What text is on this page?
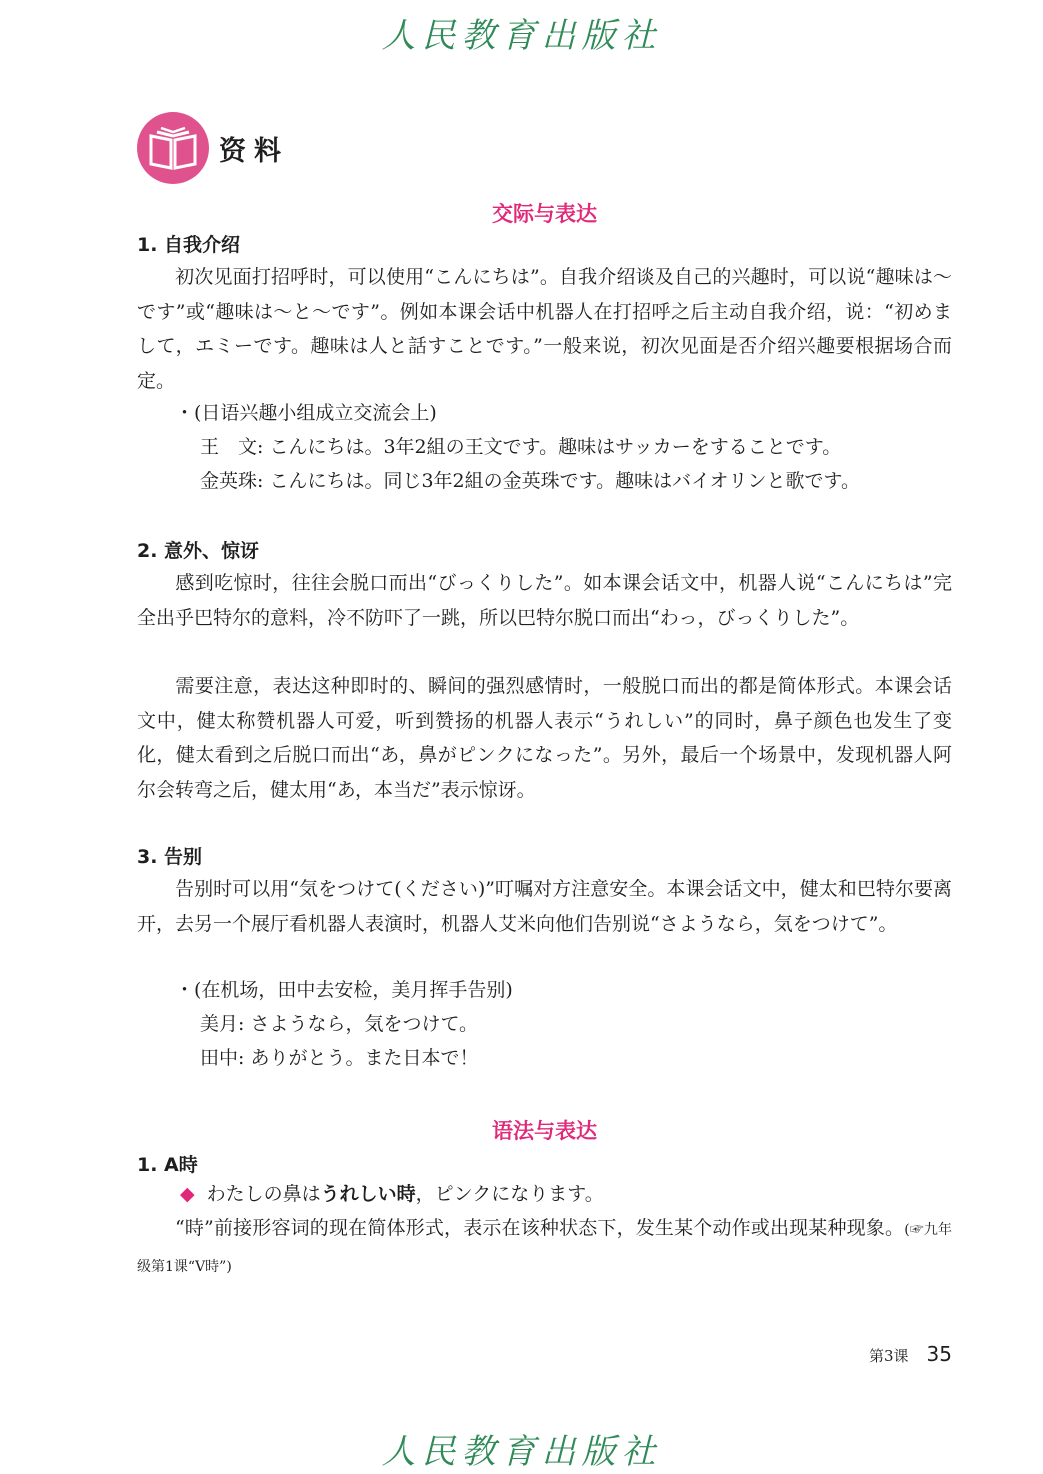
人民教育出版社
资料
交际与表达
1. 自我介绍
初次见面打招呼时，可以使用“こんにちは”。自我介绍谈及自己的兴趣时，可以说“趣味は～です”或“趣味は～と～です”。例如本课会话中机器人在打招呼之后主动自我介绍，说：“初めまして，エミーです。趣味は人と話すことです。”一般来说，初次见面是否介绍兴趣要根据场合而定。
・(日语兴趣小组成立交流会上)
王　文: こんにちは。3年2組の王文です。趣味はサッカーをすることです。
金英珠: こんにちは。同じ3年2組の金英珠です。趣味はバイオリンと歌です。
2. 意外、惊讶
感到吃惊时，往往会脱口而出“びっくりした”。如本课会话文中，机器人说“こんにちは”完全出乎巴特尔的意料，冷不防吓了一跳，所以巴特尔脱口而出“わっ，びっくりした”。
需要注意，表达这种即时的、瞬间的强烈感情时，一般脱口而出的都是简体形式。本课会话文中，健太称赞机器人可爱，听到赞扬的机器人表示“うれしい”的同时，鼻子颜色也发生了变化，健太看到之后脱口而出“あ，鼻がピンクになった”。另外，最后一个场景中，发现机器人阿尔会转弯之后，健太用“あ，本当だ”表示惊讶。
3. 告别
告别时可以用“気をつけて(ください)”叮嘱对方注意安全。本课会话文中，健太和巴特尔要离开，去另一个展厅看机器人表演时，机器人艾米向他们告别说“さようなら，気をつけて”。
・(在机场，田中去安检，美月挥手告别)
美月: さようなら，気をつけて。
田中: ありがとう。また日本で！
语法与表达
1. A時
◆ わたしの鼻はうれしい時，ピンクになります。
“時”前接形容词的现在简体形式，表示在该种状态下，发生某个动作或出现某种现象。(☞九年级第1课“V時”)
第3课 35
人民教育出版社
